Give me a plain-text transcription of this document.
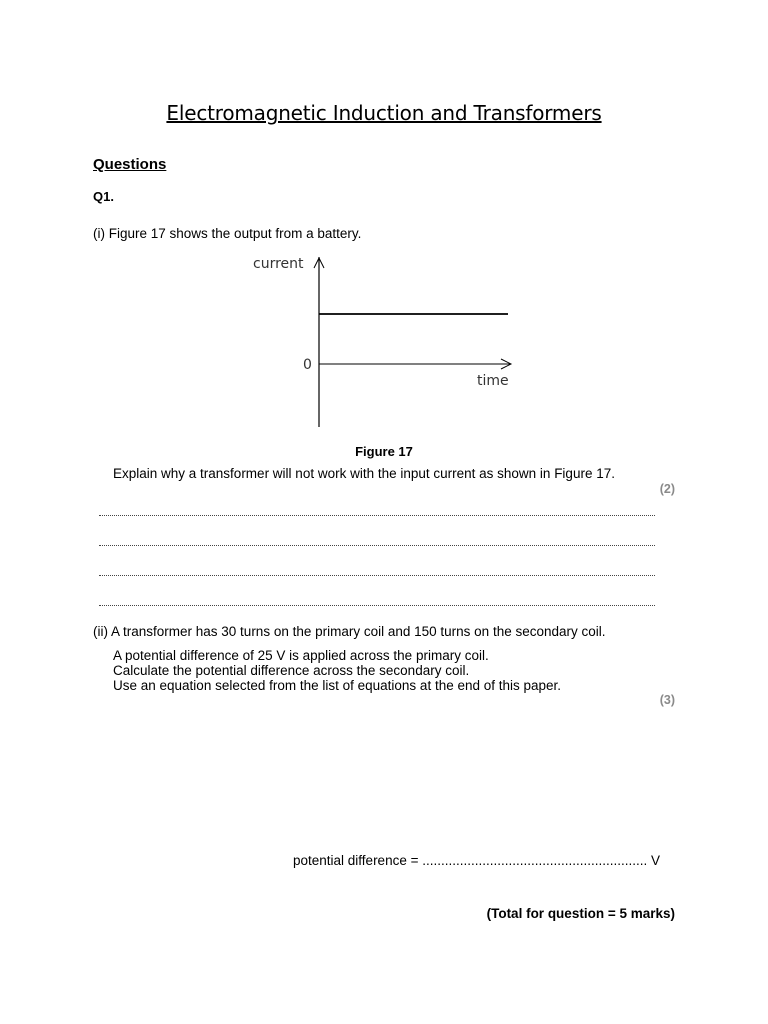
Electromagnetic Induction and Transformers
Questions
Q1.
(i) Figure 17 shows the output from a battery.
current
time
0
Figure 17
Explain why a transformer will not work with the input current as shown in Figure 17.
(2)
(ii) A transformer has 30 turns on the primary coil and 150 turns on the secondary coil.
A potential difference of 25 V is applied across the primary coil.
Calculate the potential difference across the secondary coil.
Use an equation selected from the list of equations at the end of this paper.
(3)
potential difference = ............................................................ V
(Total for question = 5 marks)
